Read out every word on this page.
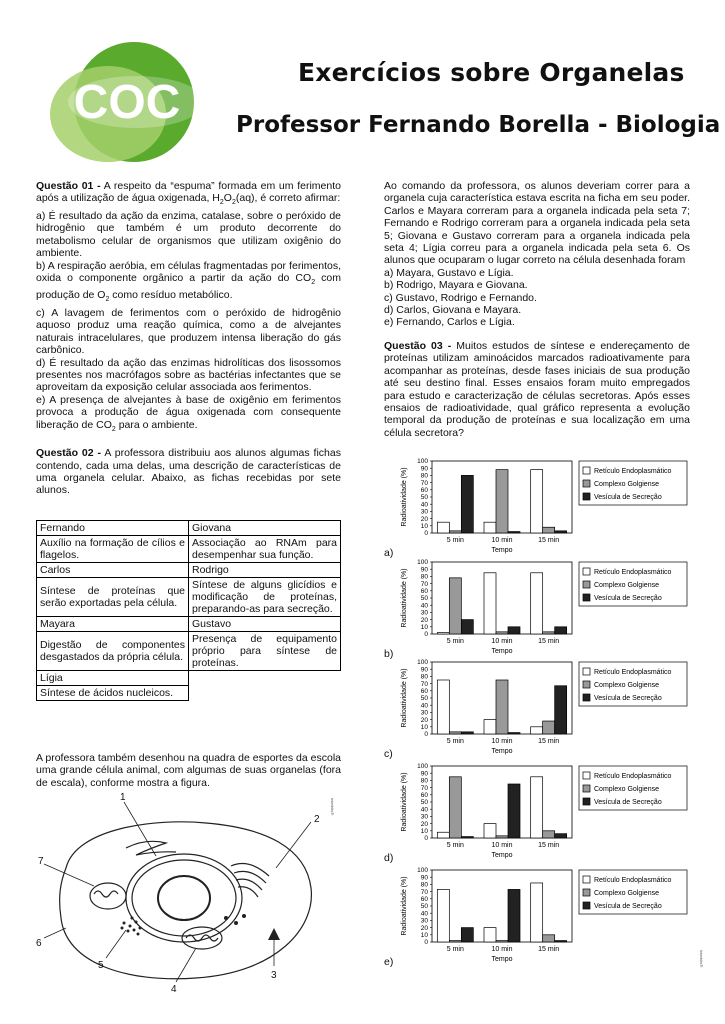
COC
Exercícios sobre Organelas
Professor Fernando Borella - Biologia

Questão 01 - A respeito da “espuma” formada em um ferimento após a utilização de água oxigenada, $H_2O_2(aq)$, é correto afirmar:

a) É resultado da ação da enzima, catalase, sobre o peróxido de hidrogênio que também é um produto decorrente do metabolismo celular de organismos que utilizam oxigênio do ambiente.

b) A respiração aeróbia, em células fragmentadas por ferimentos, oxida o componente orgânico a partir da ação do $CO_2$ com produção de $O_2$ como resíduo metabólico.

c) A lavagem de ferimentos com o peróxido de hidrogênio aquoso produz uma reação química, como a de alvejantes naturais intracelulares, que produzem intensa liberação do gás carbônico.

d) É resultado da ação das enzimas hidrolíticas dos lisossomos presentes nos macrófagos sobre as bactérias infectantes que se aproveitam da exposição celular associada aos ferimentos.

e) A presença de alvejantes à base de oxigênio em ferimentos provoca a produção de água oxigenada com consequente liberação de $CO_2$ para o ambiente.

Questão 02 - A professora distribuiu aos alunos algumas fichas contendo, cada uma delas, uma descrição de características de uma organela celular. Abaixo, as fichas recebidas por sete alunos.

Fernando	Giovana
Auxílio na formação de cílios e flagelos.	Associação ao RNAm para desempenhar sua função.
Carlos	Rodrigo
Síntese de proteínas que serão exportadas pela célula.	Síntese de alguns glicídios e modificação de proteínas, preparando-as para secreção.
Mayara	Gustavo
Digestão de componentes desgastados da própria célula.	Presença de equipamento próprio para síntese de proteínas.
Lígia	
Síntese de ácidos nucleicos.	
A professora também desenhou na quadra de esportes da escola uma grande célula animal, com algumas de suas organelas (fora de escala), conforme mostra a figura.
1
2
3
4
5
6
7
Interbits®

Ao comando da professora, os alunos deveriam correr para a organela cuja característica estava escrita na ficha em seu poder. Carlos e Mayara correram para a organela indicada pela seta 7; Fernando e Rodrigo correram para a organela indicada pela seta 5; Giovana e Gustavo correram para a organela indicada pela seta 4; Lígia correu para a organela indicada pela seta 6. Os alunos que ocuparam o lugar correto na célula desenhada foram

a) Mayara, Gustavo e Lígia.

b) Rodrigo, Mayara e Giovana.

c) Gustavo, Rodrigo e Fernando.

d) Carlos, Giovana e Mayara.

e) Fernando, Carlos e Lígia.

Questão 03 - Muitos estudos de síntese e endereçamento de proteínas utilizam aminoácidos marcados radioativamente para acompanhar as proteínas, desde fases iniciais de sua produção até seu destino final. Esses ensaios foram muito empregados para estudo e caracterização de células secretoras. Após esses ensaios de radioatividade, qual gráfico representa a evolução temporal da produção de proteínas e sua localização em uma célula secretora?

0
10
20
30
40
50
60
70
80
90
100
Radioatividade (%)
5 min	10 min	15 min
Tempo
Retículo Endoplasmático
Complexo Golgiense
Vesícula de Secreção
a)
0
10
20
30
40
50
60
70
80
90
100
Radioatividade (%)
5 min	10 min	15 min
Tempo
Retículo Endoplasmático
Complexo Golgiense
Vesícula de Secreção
b)
0
10
20
30
40
50
60
70
80
90
100
Radioatividade (%)
5 min	10 min	15 min
Tempo
Retículo Endoplasmático
Complexo Golgiense
Vesícula de Secreção
c)
0
10
20
30
40
50
60
70
80
90
100
Radioatividade (%)
5 min	10 min	15 min
Tempo
Retículo Endoplasmático
Complexo Golgiense
Vesícula de Secreção
d)
0
10
20
30
40
50
60
70
80
90
100
Radioatividade (%)
5 min	10 min	15 min
Tempo
Retículo Endoplasmático
Complexo Golgiense
Vesícula de Secreção
e)	Interbits®
